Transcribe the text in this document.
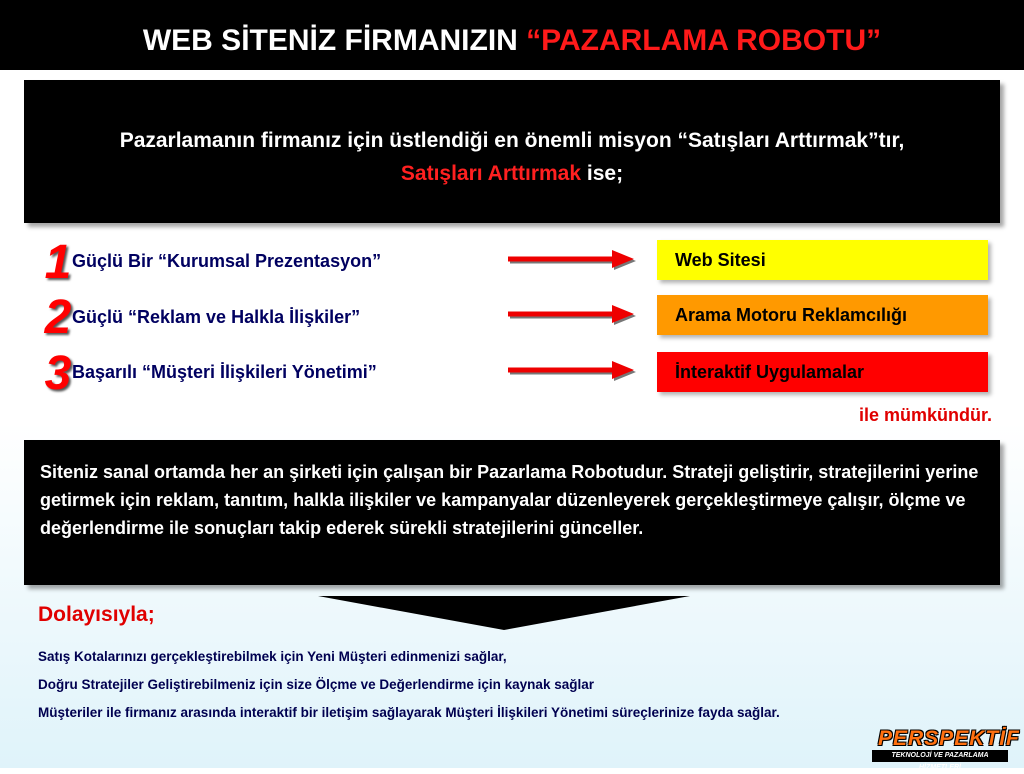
WEB SİTENİZ FİRMANIZIN “PAZARLAMA ROBOTU”

Pazarlamanın firmanız için üstlendiği en önemli misyon “Satışları Arttırmak”tır, Satışları Arttırmak ise;

1 Güçlü Bir “Kurumsal Prezentasyon”	Web Sitesi
2 Güçlü “Reklam ve Halkla İlişkiler”	Arama Motoru Reklamcılığı
3 Başarılı “Müşteri İlişkileri Yönetimi”	İnteraktif Uygulamalar
ile mümkündür.

Siteniz sanal ortamda her an şirketi için çalışan bir Pazarlama Robotudur. Strateji geliştirir, stratejilerini yerine getirmek için reklam, tanıtım, halkla ilişkiler ve kampanyalar düzenleyerek gerçekleştirmeye çalışır, ölçme ve değerlendirme ile sonuçları takip ederek sürekli stratejilerini günceller.

Dolayısıyla;
Satış Kotalarınızı gerçekleştirebilmek için Yeni Müşteri edinmenizi sağlar,
Doğru Stratejiler Geliştirebilmeniz için size Ölçme ve Değerlendirme için kaynak sağlar
Müşteriler ile firmanız arasında interaktif bir iletişim sağlayarak Müşteri İlişkileri Yönetimi süreçlerinize fayda sağlar.
PERSPEKTİF
TEKNOLOJİ VE PAZARLAMA HİZMETLERİ
